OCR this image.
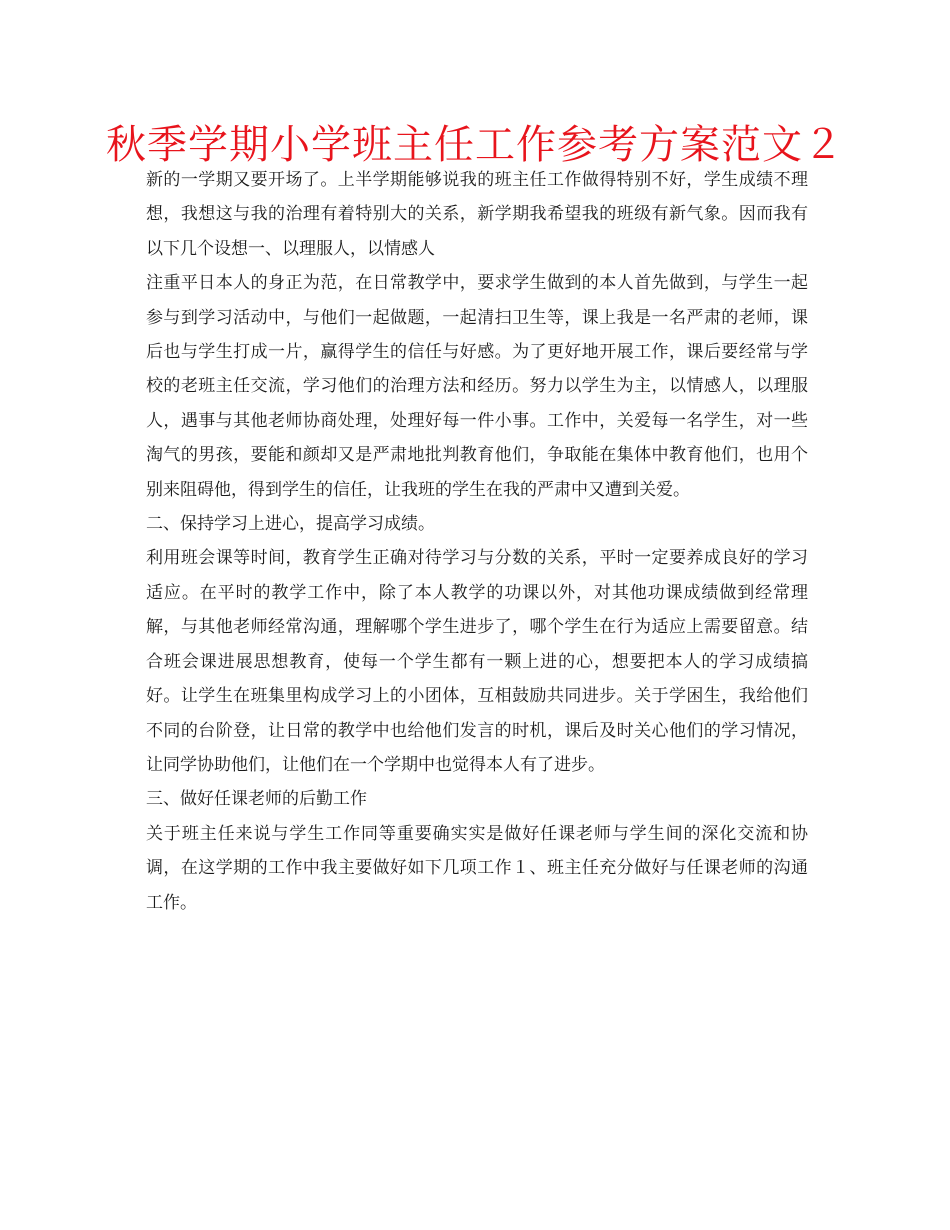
秋季学期小学班主任工作参考方案范文２

新的一学期又要开场了。上半学期能够说我的班主任工作做得特别不好，学生成绩不理想，我想这与我的治理有着特别大的关系，新学期我希望我的班级有新气象。因而我有以下几个设想一、以理服人，以情感人

注重平日本人的身正为范，在日常教学中，要求学生做到的本人首先做到，与学生一起参与到学习活动中，与他们一起做题，一起清扫卫生等，课上我是一名严肃的老师，课后也与学生打成一片，赢得学生的信任与好感。为了更好地开展工作，课后要经常与学校的老班主任交流，学习他们的治理方法和经历。努力以学生为主，以情感人，以理服人，遇事与其他老师协商处理，处理好每一件小事。工作中，关爱每一名学生，对一些淘气的男孩，要能和颜却又是严肃地批判教育他们，争取能在集体中教育他们，也用个别来阻碍他，得到学生的信任，让我班的学生在我的严肃中又遭到关爱。

二、保持学习上进心，提高学习成绩。

利用班会课等时间，教育学生正确对待学习与分数的关系，平时一定要养成良好的学习适应。在平时的教学工作中，除了本人教学的功课以外，对其他功课成绩做到经常理解，与其他老师经常沟通，理解哪个学生进步了，哪个学生在行为适应上需要留意。结合班会课进展思想教育，使每一个学生都有一颗上进的心，想要把本人的学习成绩搞好。让学生在班集里构成学习上的小团体，互相鼓励共同进步。关于学困生，我给他们不同的台阶登，让日常的教学中也给他们发言的时机，课后及时关心他们的学习情况，让同学协助他们，让他们在一个学期中也觉得本人有了进步。

三、做好任课老师的后勤工作

关于班主任来说与学生工作同等重要确实实是做好任课老师与学生间的深化交流和协调，在这学期的工作中我主要做好如下几项工作１、班主任充分做好与任课老师的沟通工作。
